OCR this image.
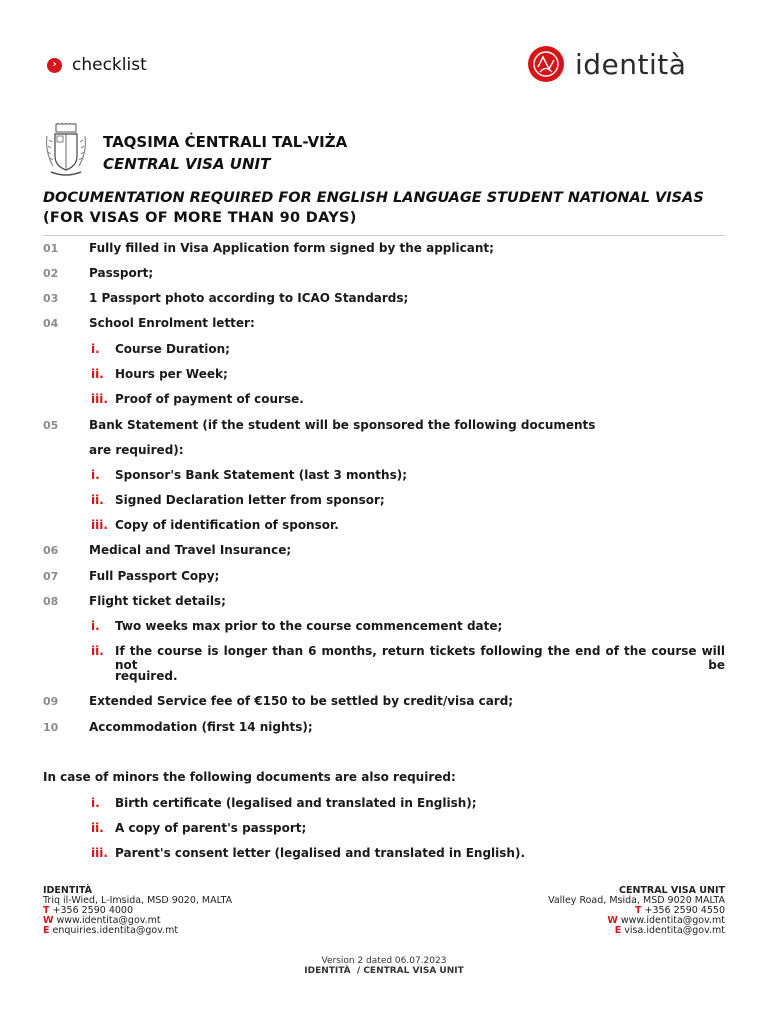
› checklist	identità
TAQSIMA ĊENTRALI TAL-VIŻA
CENTRAL VISA UNIT
DOCUMENTATION REQUIRED FOR ENGLISH LANGUAGE STUDENT NATIONAL VISAS
(FOR VISAS OF MORE THAN 90 DAYS)
01	Fully filled in Visa Application form signed by the applicant;
02	Passport;
03	1 Passport photo according to ICAO Standards;
04	School Enrolment letter:
i. Course Duration;
ii. Hours per Week;
iii. Proof of payment of course.
05	Bank Statement (if the student will be sponsored the following documents
are required):
i. Sponsor's Bank Statement (last 3 months);
ii. Signed Declaration letter from sponsor;
iii. Copy of identification of sponsor.
06	Medical and Travel Insurance;
07	Full Passport Copy;
08	Flight ticket details;
i. Two weeks max prior to the course commencement date;
ii. If the course is longer than 6 months, return tickets following the end of the course will not be
required.
09	Extended Service fee of €150 to be settled by credit/visa card;
10	Accommodation (first 14 nights);
In case of minors the following documents are also required:
i. Birth certificate (legalised and translated in English);
ii. A copy of parent's passport;
iii. Parent's consent letter (legalised and translated in English).
IDENTITÀ
Triq il-Wied, L-Imsida, MSD 9020, MALTA
T +356 2590 4000
W www.identita@gov.mt
E enquiries.identita@gov.mt
CENTRAL VISA UNIT
Valley Road, Msida, MSD 9020 MALTA
T +356 2590 4550
W www.identita@gov.mt
E visa.identita@gov.mt
Version 2 dated 06.07.2023
IDENTITÀ  / CENTRAL VISA UNIT
